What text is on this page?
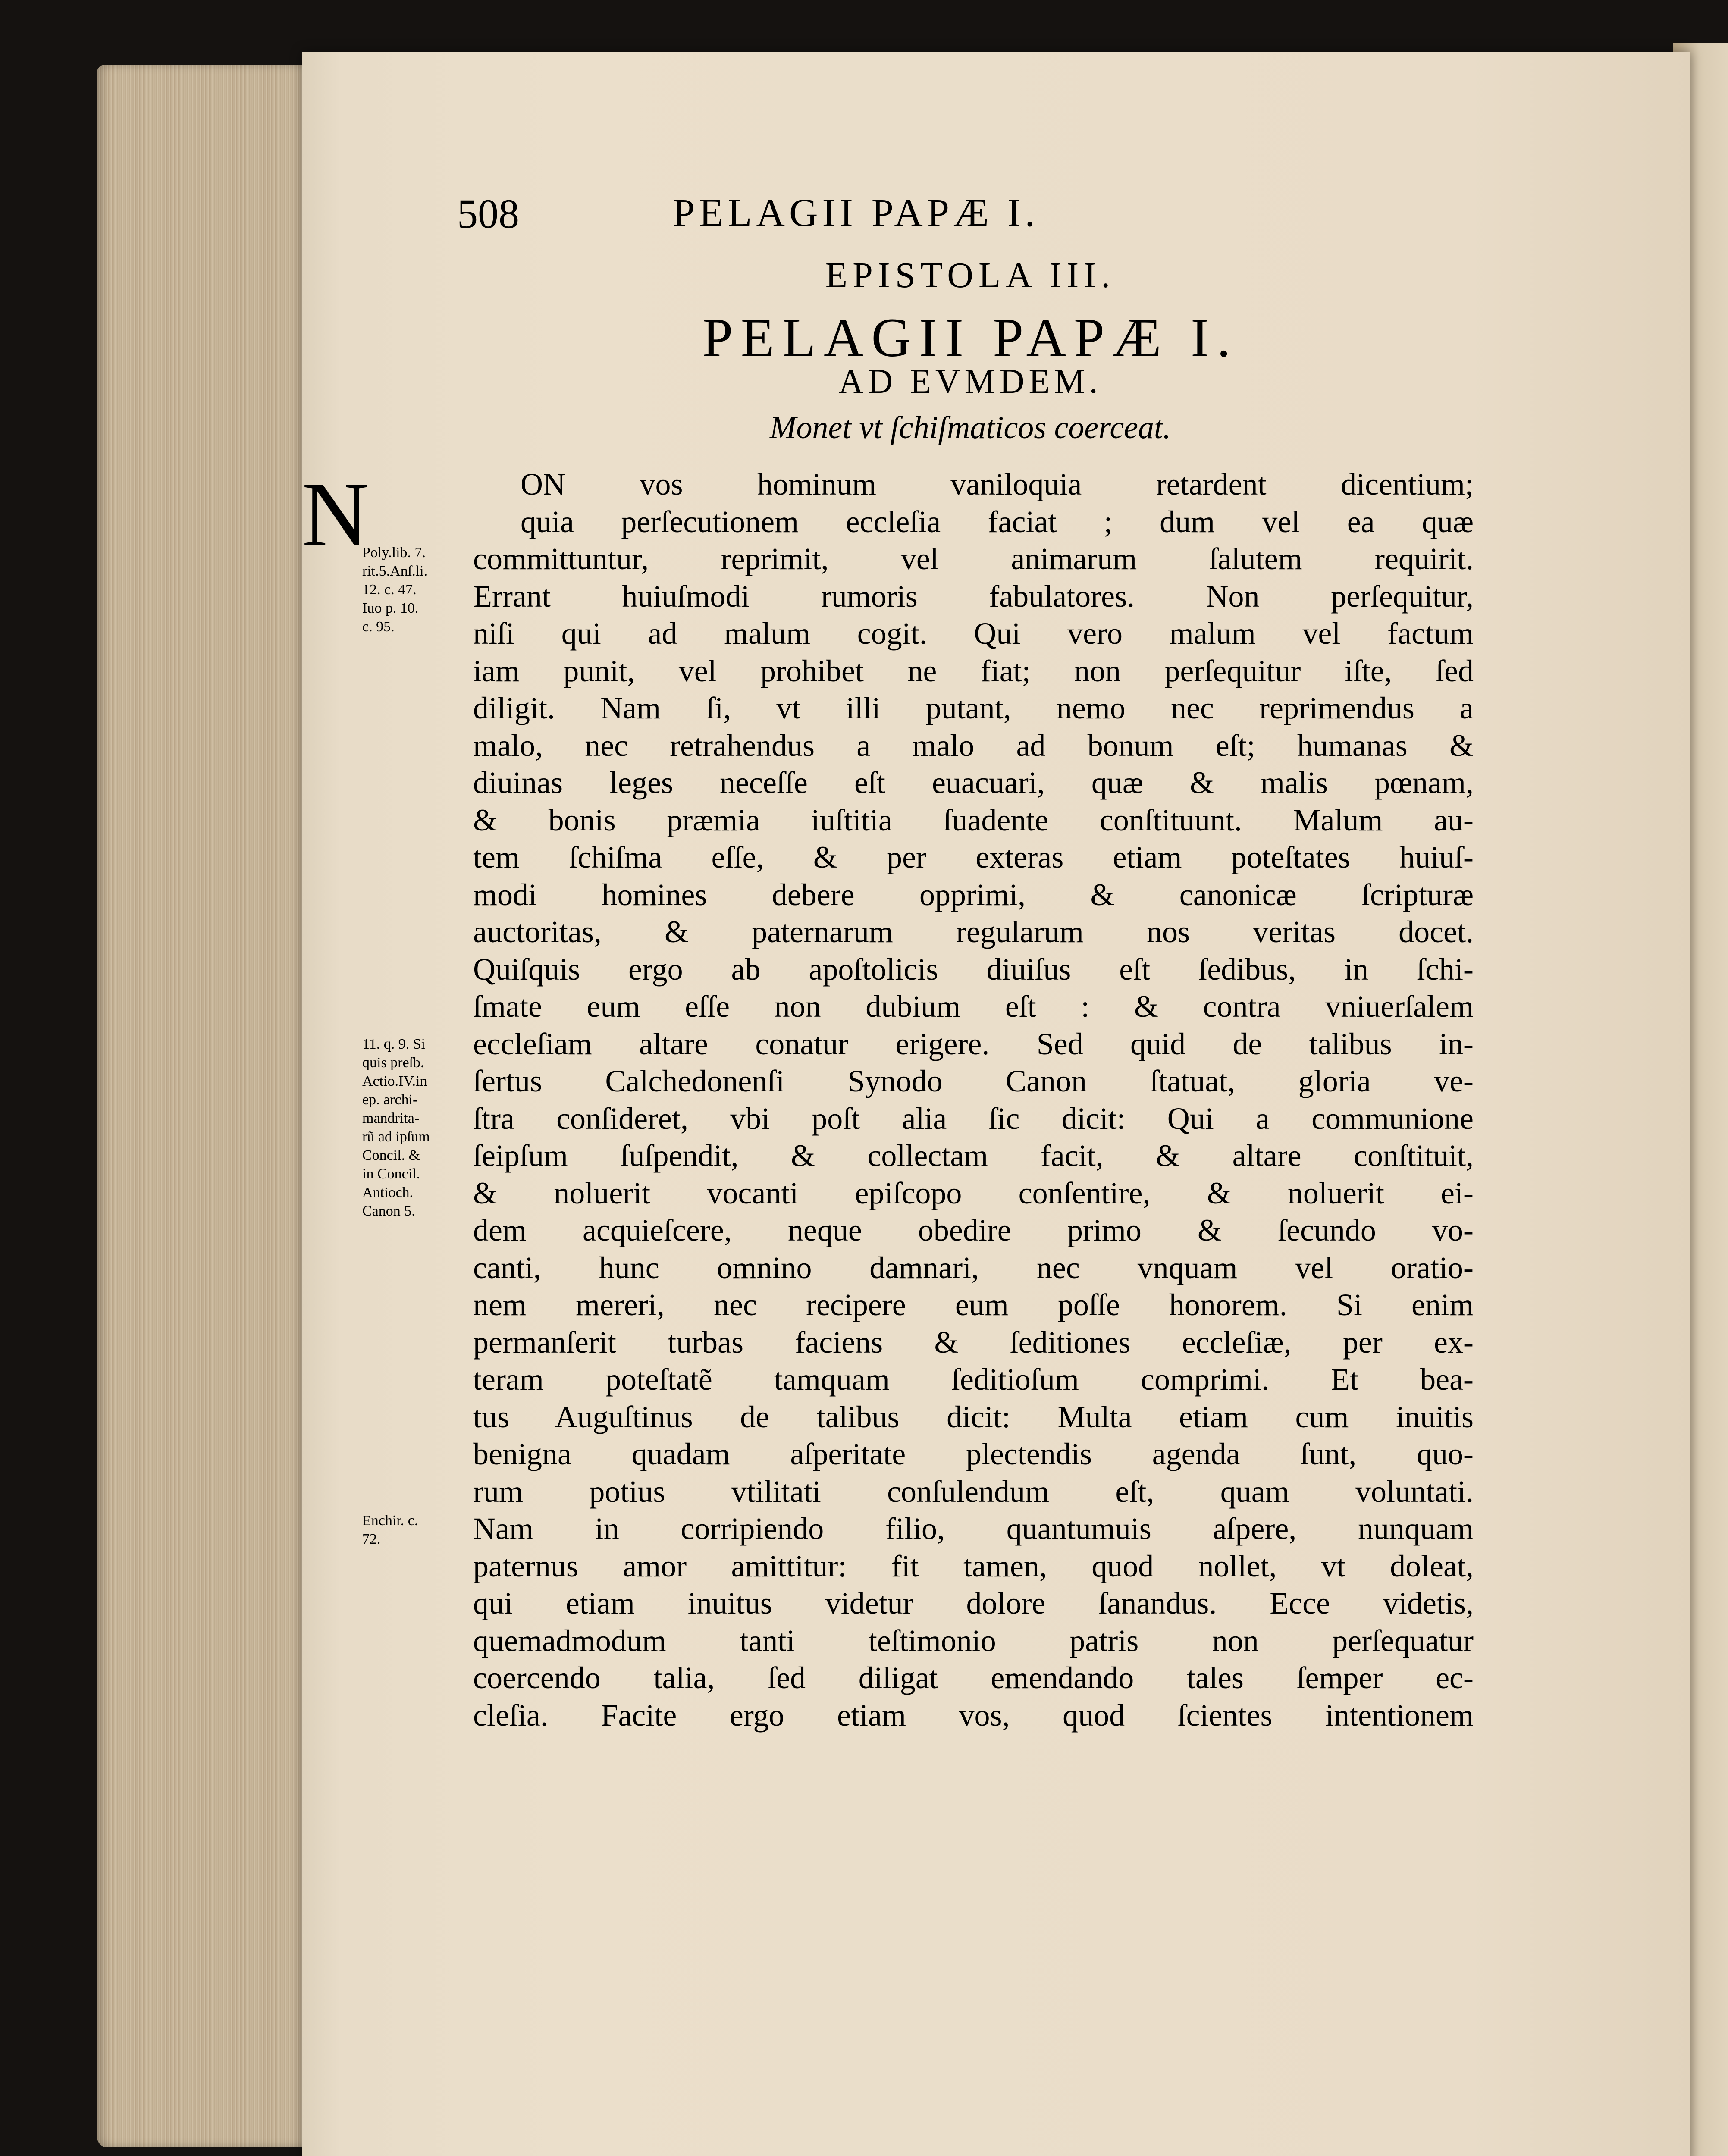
508	PELAGII PAPÆ I.
EPISTOLA III.
PELAGII PAPÆ I.
AD EVMDEM.
Monet vt ſchiſmaticos coerceat.
Poly.lib. 7.
rit.5.Anſ.li.
12. c. 47.
Iuo p. 10.
c. 95.
11. q. 9. Si
quis preſb.
Actio.IV.in
ep. archi-
mandrita-
rũ ad ipſum
Concil. &
in Concil.
Antioch.
Canon 5.
Enchir. c.
72.
N	ON vos hominum vaniloquia retardent dicentium;
quia perſecutionem eccleſia faciat ; dum vel ea quæ
committuntur, reprimit, vel animarum ſalutem requirit.
Errant huiuſmodi rumoris fabulatores. Non perſequitur,
niſi qui ad malum cogit. Qui vero malum vel factum
iam punit, vel prohibet ne fiat; non perſequitur iſte, ſed
diligit. Nam ſi, vt illi putant, nemo nec reprimendus a
malo, nec retrahendus a malo ad bonum eſt; humanas &
diuinas leges neceſſe eſt euacuari, quæ & malis pœnam,
& bonis præmia iuſtitia ſuadente conſtituunt. Malum au-
tem ſchiſma eſſe, & per exteras etiam poteſtates huiuſ-
modi homines debere opprimi, & canonicæ ſcripturæ
auctoritas, & paternarum regularum nos veritas docet.
Quiſquis ergo ab apoſtolicis diuiſus eſt ſedibus, in ſchi-
ſmate eum eſſe non dubium eſt : & contra vniuerſalem
eccleſiam altare conatur erigere. Sed quid de talibus in-
ſertus Calchedonenſi Synodo Canon ſtatuat, gloria ve-
ſtra conſideret, vbi poſt alia ſic dicit: Qui a communione
ſeipſum ſuſpendit, & collectam facit, & altare conſtituit,
& noluerit vocanti epiſcopo conſentire, & noluerit ei-
dem acquieſcere, neque obedire primo & ſecundo vo-
canti, hunc omnino damnari, nec vnquam vel oratio-
nem mereri, nec recipere eum poſſe honorem. Si enim
permanſerit turbas faciens & ſeditiones eccleſiæ, per ex-
teram poteſtatẽ tamquam ſeditioſum comprimi. Et bea-
tus Auguſtinus de talibus dicit: Multa etiam cum inuitis
benigna quadam aſperitate plectendis agenda ſunt, quo-
rum potius vtilitati conſulendum eſt, quam voluntati.
Nam in corripiendo filio, quantumuis aſpere, nunquam
paternus amor amittitur: fit tamen, quod nollet, vt doleat,
qui etiam inuitus videtur dolore ſanandus. Ecce videtis,
quemadmodum tanti teſtimonio patris non perſequatur
coercendo talia, ſed diligat emendando tales ſemper ec-
cleſia. Facite ergo etiam vos, quod ſcientes intentionem
